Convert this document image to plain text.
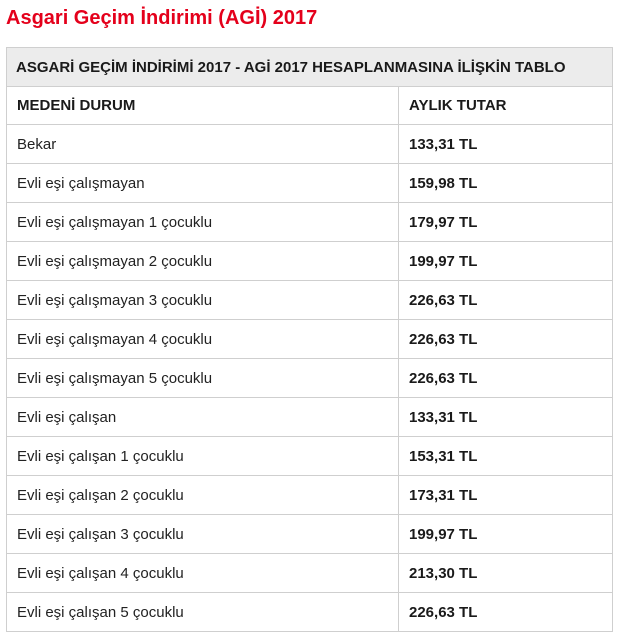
Asgari Geçim İndirimi (AGİ) 2017
ASGARİ GEÇİM İNDİRİMİ 2017 - AGİ 2017 HESAPLANMASINA İLİŞKİN TABLO	
MEDENİ DURUM	AYLIK TUTAR
Bekar	133,31 TL
Evli eşi çalışmayan	159,98 TL
Evli eşi çalışmayan 1 çocuklu	179,97 TL
Evli eşi çalışmayan 2 çocuklu	199,97 TL
Evli eşi çalışmayan 3 çocuklu	226,63 TL
Evli eşi çalışmayan 4 çocuklu	226,63 TL
Evli eşi çalışmayan 5 çocuklu	226,63 TL
Evli eşi çalışan	133,31 TL
Evli eşi çalışan 1 çocuklu	153,31 TL
Evli eşi çalışan 2 çocuklu	173,31 TL
Evli eşi çalışan 3 çocuklu	199,97 TL
Evli eşi çalışan 4 çocuklu	213,30 TL
Evli eşi çalışan 5 çocuklu	226,63 TL
